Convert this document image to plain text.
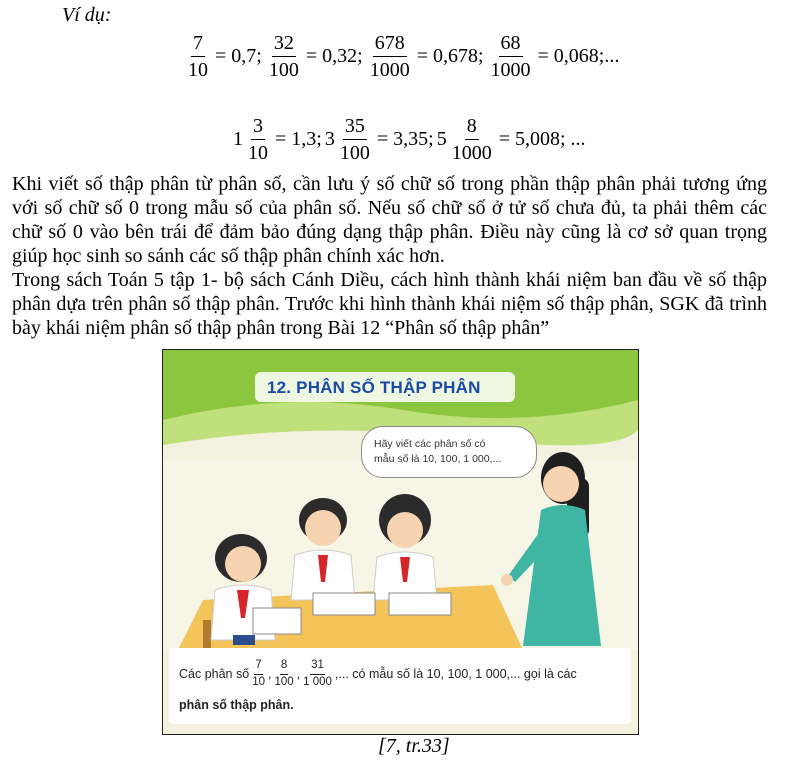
Ví dụ:
$\frac{7}{10} = 0,7$; $\frac{32}{100} = 0,32$; $\frac{678}{1000} = 0,678$; $\frac{68}{1000} = 0,068$;...
$1 \frac{3}{10} = 1,3$; $3 \frac{35}{100} = 3,35$; $5 \frac{8}{1000} = 5,008$; ...
Khi viết số thập phân từ phân số, cần lưu ý số chữ số trong phần thập phân phải tương ứng với số chữ số 0 trong mẫu số của phân số. Nếu số chữ số ở tử số chưa đủ, ta phải thêm các chữ số 0 vào bên trái để đảm bảo đúng dạng thập phân. Điều này cũng là cơ sở quan trọng giúp học sinh so sánh các số thập phân chính xác hơn.
Trong sách Toán 5 tập 1- bộ sách Cánh Diều, cách hình thành khái niệm ban đầu về số thập phân dựa trên phân số thập phân. Trước khi hình thành khái niệm số thập phân, SGK đã trình bày khái niệm phân số thập phân trong Bài 12 “Phân số thập phân”
12. PHÂN SỐ THẬP PHÂN
Hãy viết các phân số có
mẫu số là 10, 100, 1 000,...
Các phân số $\frac{7}{10}$ , $\frac{8}{100}$ , $\frac{31}{1 000}$ ,... có mẫu số là 10, 100, 1 000,... gọi là các
phân số thập phân.
[7, tr.33]
